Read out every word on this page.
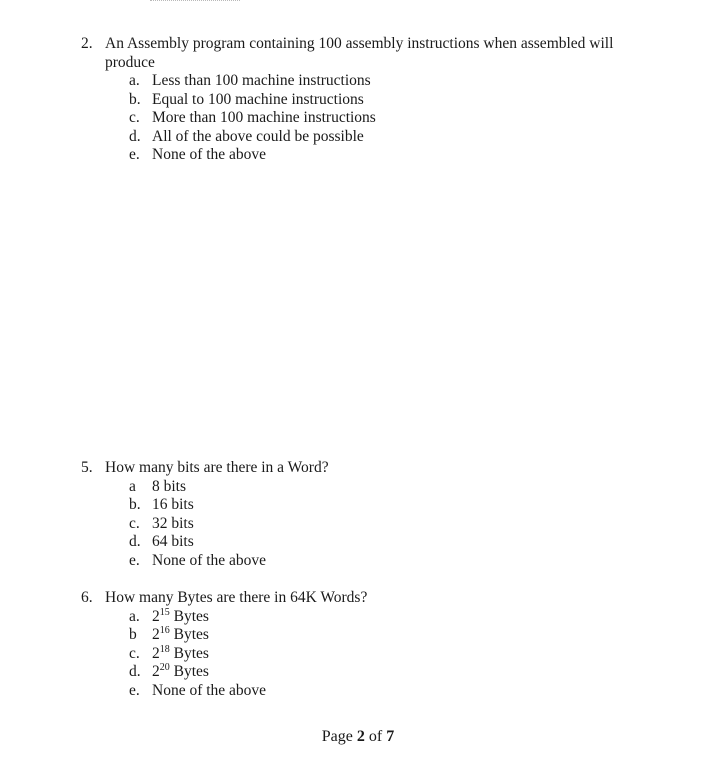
2. An Assembly program containing 100 assembly instructions when assembled will produce
a. Less than 100 machine instructions
b. Equal to 100 machine instructions
c. More than 100 machine instructions
d. All of the above could be possible
e. None of the above
5. How many bits are there in a Word?
a	8 bits
b. 16 bits
c. 32 bits
d. 64 bits
e. None of the above
6. How many Bytes are there in 64K Words?
a. $2^{15}$ Bytes
b $2^{16}$ Bytes
c. $2^{18}$ Bytes
d. $2^{20}$ Bytes
e. None of the above
Page 2 of 7
